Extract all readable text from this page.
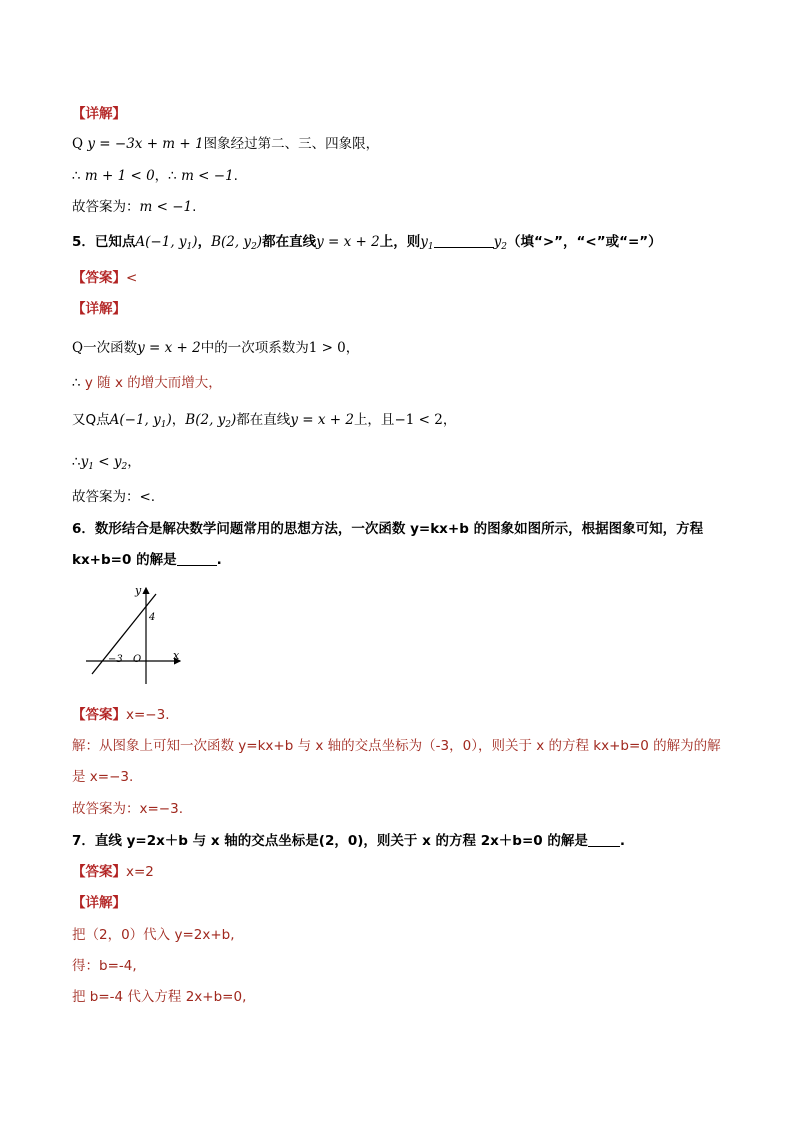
【详解】
Q y = −3x + m + 1图象经过第二、三、四象限，
∴ m + 1 < 0，∴ m < −1.
故答案为：m < −1.
5．已知点A(−1, $y_1$)，B(2, $y_2$)都在直线y = x + 2上，则$y_1$	$y_2$（填“>”，“<”或“=”）
【答案】<
【详解】
Q一次函数y = x + 2中的一次项系数为1 > 0，
∴ y 随 x 的增大而增大，
又Q点A(−1, $y_1$)，B(2, $y_2$)都在直线y = x + 2上，且−1 < 2，
$\therefore y_1 < y_2$，
故答案为：<.
6．数形结合是解决数学问题常用的思想方法，一次函数 y=kx+b 的图象如图所示，根据图象可知，方程
kx+b=0 的解是	.
y
x
O
−3
4
【答案】x=−3.
解：从图象上可知一次函数 y=kx+b 与 x 轴的交点坐标为（-3，0），则关于 x 的方程 kx+b=0 的解为的解
是 x=−3.
故答案为：x=−3.
7．直线 y=2x＋b 与 x 轴的交点坐标是(2，0)，则关于 x 的方程 2x＋b=0 的解是 .
【答案】x=2
【详解】
把（2，0）代入 y=2x+b,
得：b=-4,
把 b=-4 代入方程 2x+b=0,
